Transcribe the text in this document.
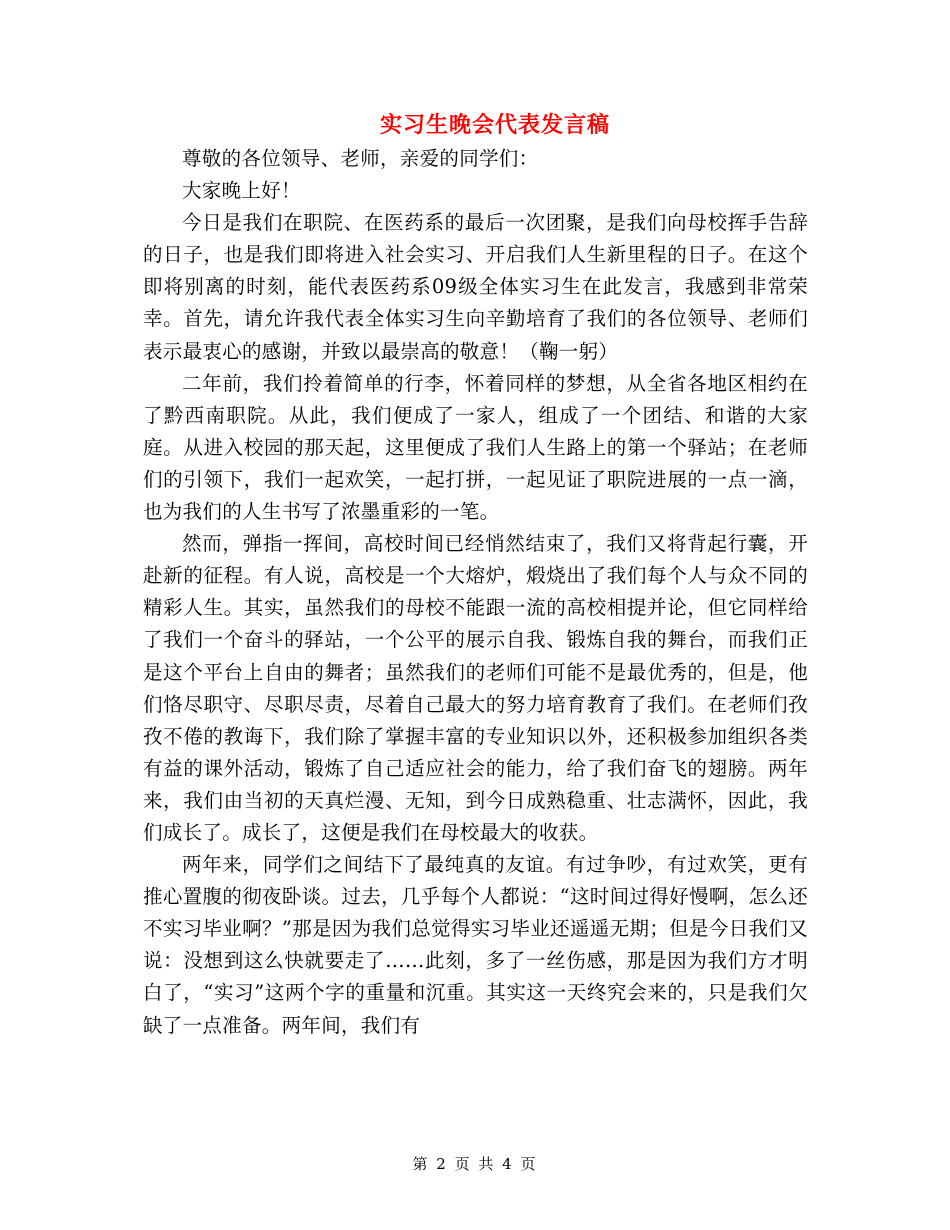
实习生晚会代表发言稿

尊敬的各位领导、老师，亲爱的同学们：

大家晚上好！

今日是我们在职院、在医药系的最后一次团聚，是我们向母校挥手告辞的日子，也是我们即将进入社会实习、开启我们人生新里程的日子。在这个即将别离的时刻，能代表医药系09级全体实习生在此发言，我感到非常荣幸。首先，请允许我代表全体实习生向辛勤培育了我们的各位领导、老师们表示最衷心的感谢，并致以最崇高的敬意！（鞠一躬）

二年前，我们拎着简单的行李，怀着同样的梦想，从全省各地区相约在了黔西南职院。从此，我们便成了一家人，组成了一个团结、和谐的大家庭。从进入校园的那天起，这里便成了我们人生路上的第一个驿站；在老师们的引领下，我们一起欢笑，一起打拼，一起见证了职院进展的一点一滴，也为我们的人生书写了浓墨重彩的一笔。

然而，弹指一挥间，高校时间已经悄然结束了，我们又将背起行囊，开赴新的征程。有人说，高校是一个大熔炉，煅烧出了我们每个人与众不同的精彩人生。其实，虽然我们的母校不能跟一流的高校相提并论，但它同样给了我们一个奋斗的驿站，一个公平的展示自我、锻炼自我的舞台，而我们正是这个平台上自由的舞者；虽然我们的老师们可能不是最优秀的，但是，他们恪尽职守、尽职尽责，尽着自己最大的努力培育教育了我们。在老师们孜孜不倦的教诲下，我们除了掌握丰富的专业知识以外，还积极参加组织各类有益的课外活动，锻炼了自己适应社会的能力，给了我们奋飞的翅膀。两年来，我们由当初的天真烂漫、无知，到今日成熟稳重、壮志满怀，因此，我们成长了。成长了，这便是我们在母校最大的收获。

两年来，同学们之间结下了最纯真的友谊。有过争吵，有过欢笑，更有推心置腹的彻夜卧谈。过去，几乎每个人都说：“这时间过得好慢啊，怎么还不实习毕业啊？”那是因为我们总觉得实习毕业还遥遥无期；但是今日我们又说：没想到这么快就要走了……此刻，多了一丝伤感，那是因为我们方才明白了，“实习”这两个字的重量和沉重。其实这一天终究会来的，只是我们欠缺了一点准备。两年间，我们有

第 2 页 共 4 页
